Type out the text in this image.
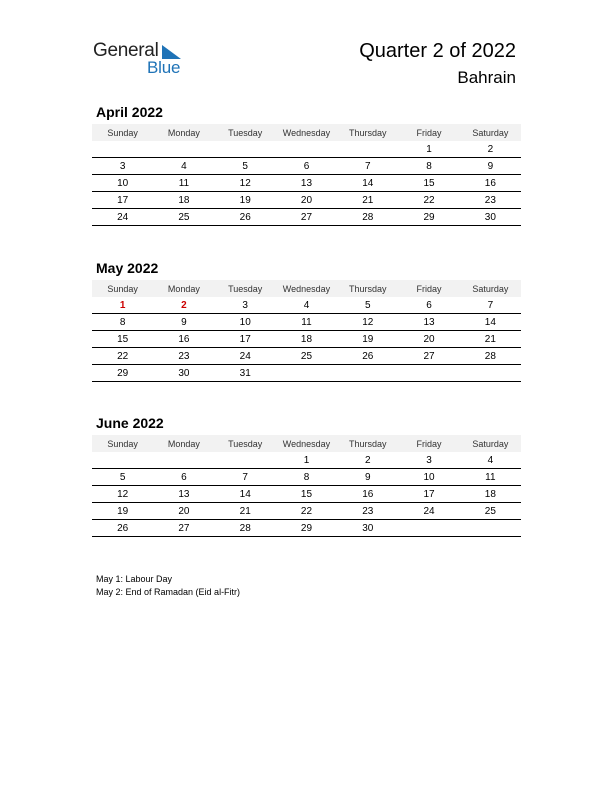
General
Blue
Quarter 2 of 2022
Bahrain
April 2022
Sunday	Monday	Tuesday	Wednesday	Thursday	Friday	Saturday
					1	2
3	4	5	6	7	8	9
10	11	12	13	14	15	16
17	18	19	20	21	22	23
24	25	26	27	28	29	30
May 2022
Sunday	Monday	Tuesday	Wednesday	Thursday	Friday	Saturday
1	2	3	4	5	6	7
8	9	10	11	12	13	14
15	16	17	18	19	20	21
22	23	24	25	26	27	28
29	30	31				
June 2022
Sunday	Monday	Tuesday	Wednesday	Thursday	Friday	Saturday
			1	2	3	4
5	6	7	8	9	10	11
12	13	14	15	16	17	18
19	20	21	22	23	24	25
26	27	28	29	30		
May 1: Labour Day
May 2: End of Ramadan (Eid al-Fitr)
